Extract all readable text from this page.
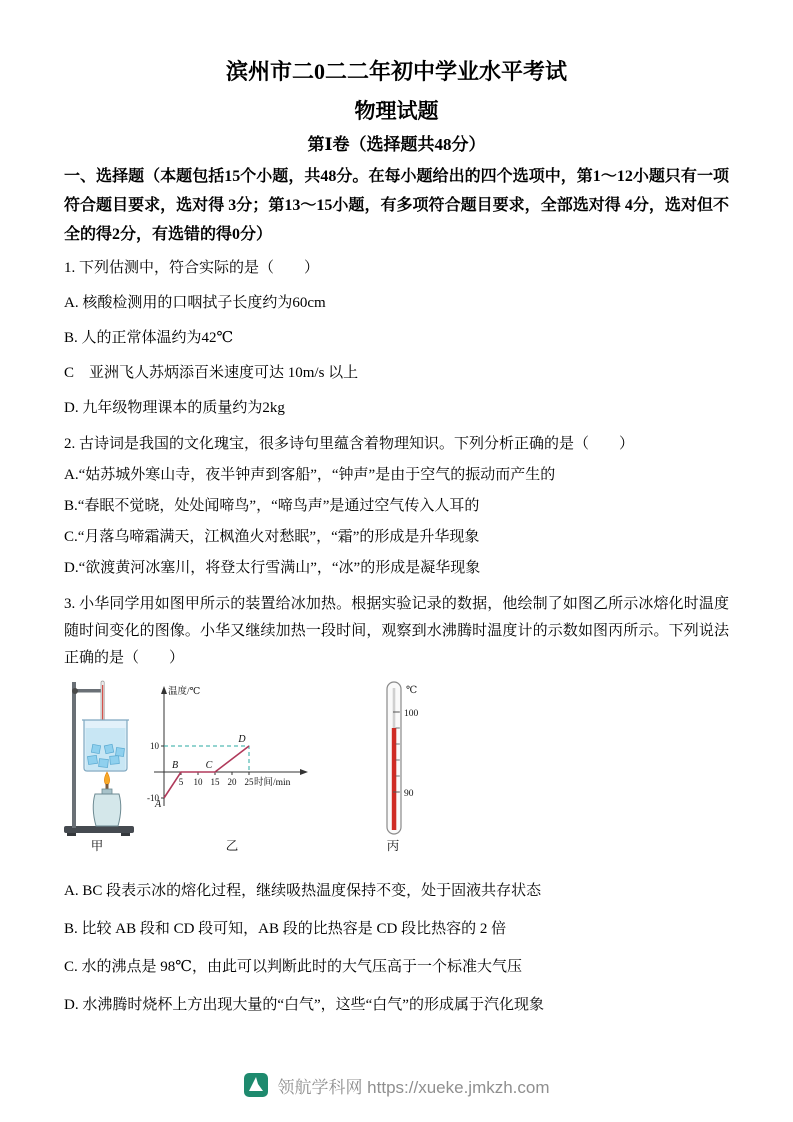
滨州市二0二二年初中学业水平考试
物理试题
第Ⅰ卷（选择题共48分）

一、选择题（本题包括15个小题，共48分。在每小题给出的四个选项中，第1～12小题只有一项符合题目要求，选对得 3分；第13～15小题，有多项符合题目要求，全部选对得 4分，选对但不全的得2分，有选错的得0分）

1. 下列估测中，符合实际的是（　　）

A. 核酸检测用的口咽拭子长度约为60cm

B. 人的正常体温约为42℃

C　亚洲飞人苏炳添百米速度可达 10m/s 以上

D. 九年级物理课本的质量约为2kg

2. 古诗词是我国的文化瑰宝，很多诗句里蕴含着物理知识。下列分析正确的是（　　）

A.“姑苏城外寒山寺，夜半钟声到客船”，“钟声”是由于空气的振动而产生的

B.“春眠不觉晓，处处闻啼鸟”，“啼鸟声”是通过空气传入人耳的

C.“月落乌啼霜满天，江枫渔火对愁眠”，“霜”的形成是升华现象

D.“欲渡黄河冰塞川，将登太行雪满山”，“冰”的形成是凝华现象

3. 小华同学用如图甲所示的装置给冰加热。根据实验记录的数据，他绘制了如图乙所示冰熔化时温度随时间变化的图像。小华又继续加热一段时间，观察到水沸腾时温度计的示数如图丙所示。下列说法正确的是（　　）

温度/℃
时间/min
10
-10
5 10 15 20 25
A
B	C
D
℃
100
90
甲	乙	丙

A. BC 段表示冰的熔化过程，继续吸热温度保持不变，处于固液共存状态

B. 比较 AB 段和 CD 段可知，AB 段的比热容是 CD 段比热容的 2 倍

C. 水的沸点是 98℃，由此可以判断此时的大气压高于一个标准大气压

D. 水沸腾时烧杯上方出现大量的“白气”，这些“白气”的形成属于汽化现象

领航学科网 https://xueke.jmkzh.com
